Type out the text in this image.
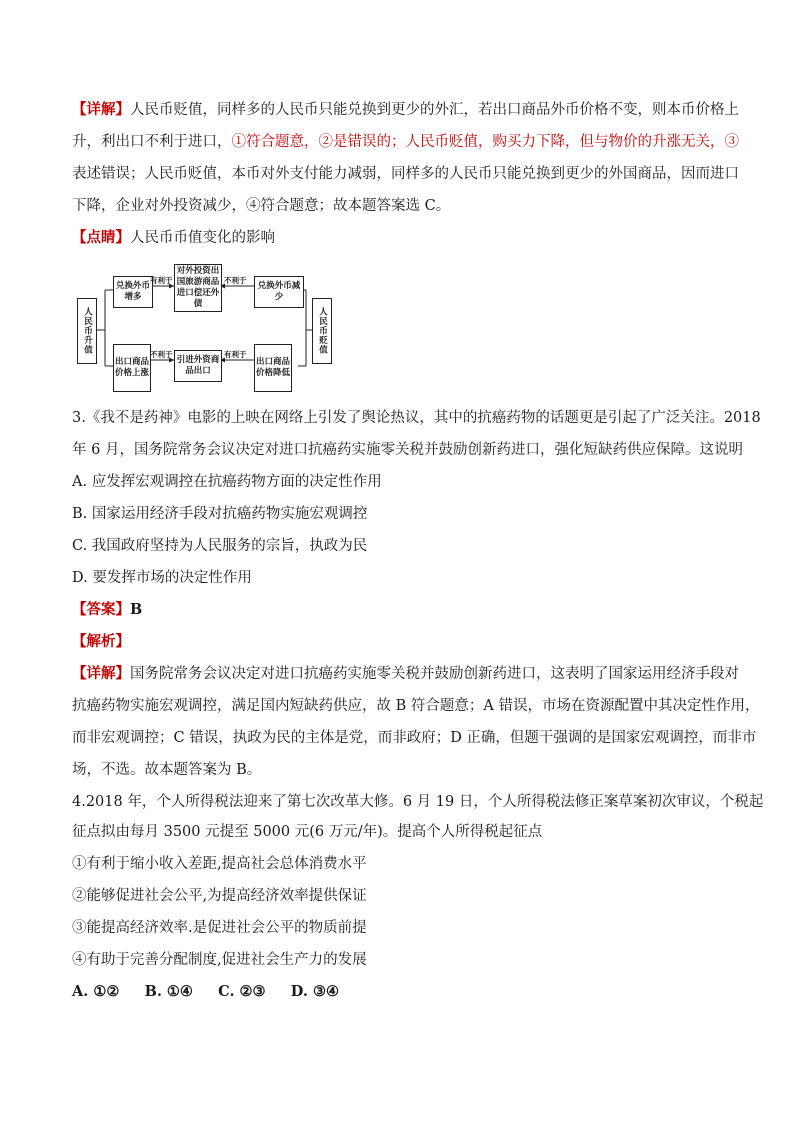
【详解】人民币贬值，同样多的人民币只能兑换到更少的外汇，若出口商品外币价格不变，则本币价格上
升，利出口不利于进口，①符合题意，②是错误的；人民币贬值，购买力下降，但与物价的升涨无关，③
表述错误；人民币贬值，本币对外支付能力减弱，同样多的人民币只能兑换到更少的外国商品，因而进口
下降，企业对外投资减少，④符合题意；故本题答案选 C。
【点睛】人民币币值变化的影响
人民币升值	人民币贬值
兑换外币增多
对外投资出国旅游商品进口偿还外债
兑换外币减少
出口商品价格上涨
引进外资商品出口
出口商品价格降低
有利于	不利于
不利于	有利于
3.《我不是药神》电影的上映在网络上引发了舆论热议，其中的抗癌药物的话题更是引起了广泛关注。2018
年 6 月，国务院常务会议决定对进口抗癌药实施零关税并鼓励创新药进口，强化短缺药供应保障。这说明
A. 应发挥宏观调控在抗癌药物方面的决定性作用
B. 国家运用经济手段对抗癌药物实施宏观调控
C. 我国政府坚持为人民服务的宗旨，执政为民
D. 要发挥市场的决定性作用
【答案】B
【解析】
【详解】国务院常务会议决定对进口抗癌药实施零关税并鼓励创新药进口，这表明了国家运用经济手段对
抗癌药物实施宏观调控，满足国内短缺药供应，故 B 符合题意；A 错误，市场在资源配置中其决定性作用，
而非宏观调控；C 错误，执政为民的主体是党，而非政府；D 正确，但题干强调的是国家宏观调控，而非市
场，不选。故本题答案为 B。
4.2018 年，个人所得税法迎来了第七次改革大修。6 月 19 日，个人所得税法修正案草案初次审议，个税起
征点拟由每月 3500 元提至 5000 元(6 万元/年)。提高个人所得税起征点
①有利于缩小收入差距,提高社会总体消费水平
②能够促进社会公平,为提高经济效率提供保证
③能提高经济效率.是促进社会公平的物质前提
④有助于完善分配制度,促进社会生产力的发展
A. ①②     B. ①④     C. ②③     D. ③④
